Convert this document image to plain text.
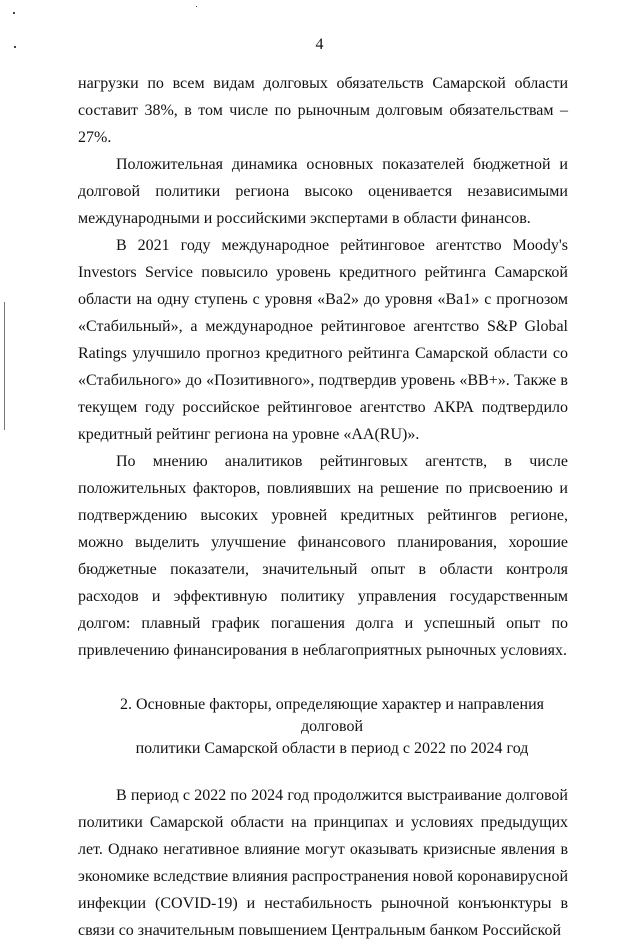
4

нагрузки по всем видам долговых обязательств Самарской области составит 38%, в том числе по рыночным долговым обязательствам – 27%.

Положительная динамика основных показателей бюджетной и долговой политики региона высоко оценивается независимыми международными и российскими экспертами в области финансов.

В 2021 году международное рейтинговое агентство Moody's Investors Service повысило уровень кредитного рейтинга Самарской области на одну ступень с уровня «Ba2» до уровня «Ba1» с прогнозом «Стабильный», а международное рейтинговое агентство S&P Global Ratings улучшило прогноз кредитного рейтинга Самарской области со «Стабильного» до «Позитивного», подтвердив уровень «BB+». Также в текущем году российское рейтинговое агентство АКРА подтвердило кредитный рейтинг региона на уровне «AA(RU)».

По мнению аналитиков рейтинговых агентств, в числе положительных факторов, повлиявших на решение по присвоению и подтверждению высоких уровней кредитных рейтингов регионе, можно выделить улучшение финансового планирования, хорошие бюджетные показатели, значительный опыт в области контроля расходов и эффективную политику управления государственным долгом: плавный график погашения долга и успешный опыт по привлечению финансирования в неблагоприятных рыночных условиях.

2. Основные факторы, определяющие характер и направления долговой

политики Самарской области в период с 2022 по 2024 год

В период с 2022 по 2024 год продолжится выстраивание долговой политики Самарской области на принципах и условиях предыдущих лет. Однако негативное влияние могут оказывать кризисные явления в экономике вследствие влияния распространения новой коронавирусной инфекции (COVID-19) и нестабильность рыночной конъюнктуры в связи со значительным повышением Центральным банком Российской
